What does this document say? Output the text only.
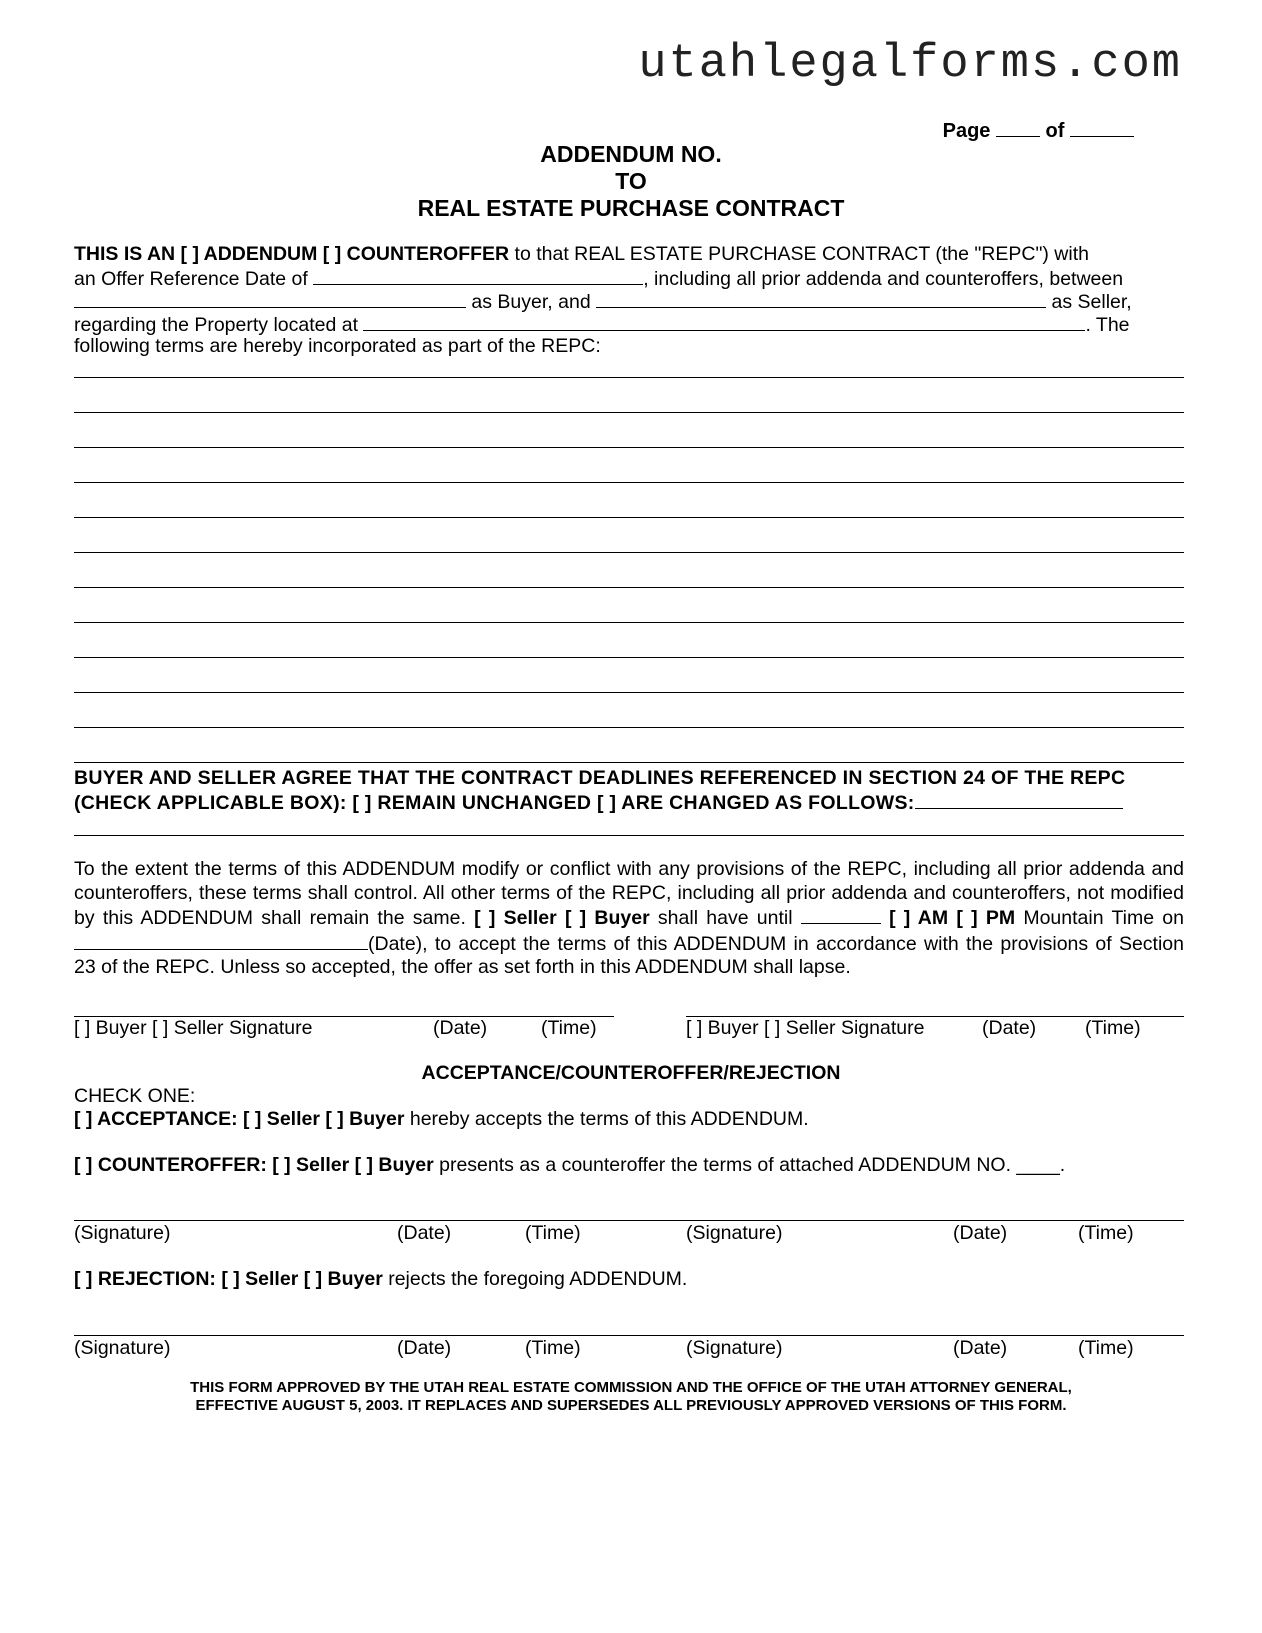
utahlegalforms.com
Page	of
ADDENDUM NO.
TO
REAL ESTATE PURCHASE CONTRACT
THIS IS AN [ ] ADDENDUM [ ] COUNTEROFFER to that REAL ESTATE PURCHASE CONTRACT (the "REPC") with
an Offer Reference Date of	, including all prior addenda and counteroffers, between
as Buyer, and	as Seller,
regarding the Property located at	. The
following terms are hereby incorporated as part of the REPC:
BUYER AND SELLER AGREE THAT THE CONTRACT DEADLINES REFERENCED IN SECTION 24 OF THE REPC
(CHECK APPLICABLE BOX): [ ] REMAIN UNCHANGED [ ] ARE CHANGED AS FOLLOWS:
To the extent the terms of this ADDENDUM modify or conflict with any provisions of the REPC, including all prior addenda and counteroffers, these terms shall control. All other terms of the REPC, including all prior addenda and counteroffers, not modified by this ADDENDUM shall remain the same. [ ] Seller [ ] Buyer shall have until	[ ] AM [ ] PM Mountain Time on(Date), to accept the terms of this ADDENDUM in accordance with the provisions of Section 23 of the REPC. Unless so accepted, the offer as set forth in this ADDENDUM shall lapse.
[ ] Buyer [ ] Seller Signature	(Date)	(Time)	[ ] Buyer [ ] Seller Signature	(Date)	(Time)
ACCEPTANCE/COUNTEROFFER/REJECTION
CHECK ONE:
[ ] ACCEPTANCE: [ ] Seller [ ] Buyer hereby accepts the terms of this ADDENDUM.
[ ] COUNTEROFFER: [ ] Seller [ ] Buyer presents as a counteroffer the terms of attached ADDENDUM NO. ____.
(Signature)	(Date)	(Time)	(Signature)	(Date)	(Time)
[ ] REJECTION: [ ] Seller [ ] Buyer rejects the foregoing ADDENDUM.
(Signature)	(Date)	(Time)	(Signature)	(Date)	(Time)
THIS FORM APPROVED BY THE UTAH REAL ESTATE COMMISSION AND THE OFFICE OF THE UTAH ATTORNEY GENERAL,
EFFECTIVE AUGUST 5, 2003. IT REPLACES AND SUPERSEDES ALL PREVIOUSLY APPROVED VERSIONS OF THIS FORM.
